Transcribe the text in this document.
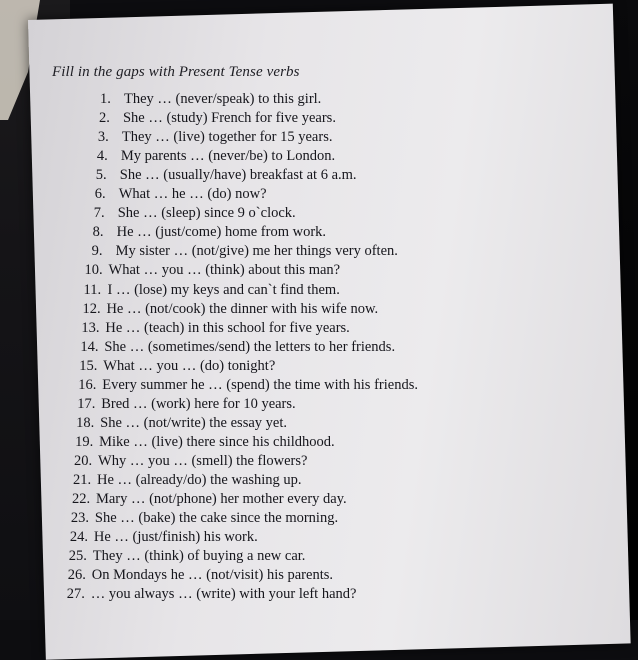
Fill in the gaps with Present Tense verbs
1. They … (never/speak) to this girl.
2. She … (study) French for five years.
3. They … (live) together for 15 years.
4. My parents … (never/be) to London.
5. She … (usually/have) breakfast at 6 a.m.
6. What … he … (do) now?
7. She … (sleep) since 9 o`clock.
8. He … (just/come) home from work.
9. My sister … (not/give) me her things very often.
10. What … you … (think) about this man?
11. I … (lose) my keys and can`t find them.
12. He … (not/cook) the dinner with his wife now.
13. He … (teach) in this school for five years.
14. She … (sometimes/send) the letters to her friends.
15. What … you … (do) tonight?
16. Every summer he … (spend) the time with his friends.
17. Bred … (work) here for 10 years.
18. She … (not/write) the essay yet.
19. Mike … (live) there since his childhood.
20. Why … you … (smell) the flowers?
21. He … (already/do) the washing up.
22. Mary … (not/phone) her mother every day.
23. She … (bake) the cake since the morning.
24. He … (just/finish) his work.
25. They … (think) of buying a new car.
26. On Mondays he … (not/visit) his parents.
27. … you always … (write) with your left hand?
